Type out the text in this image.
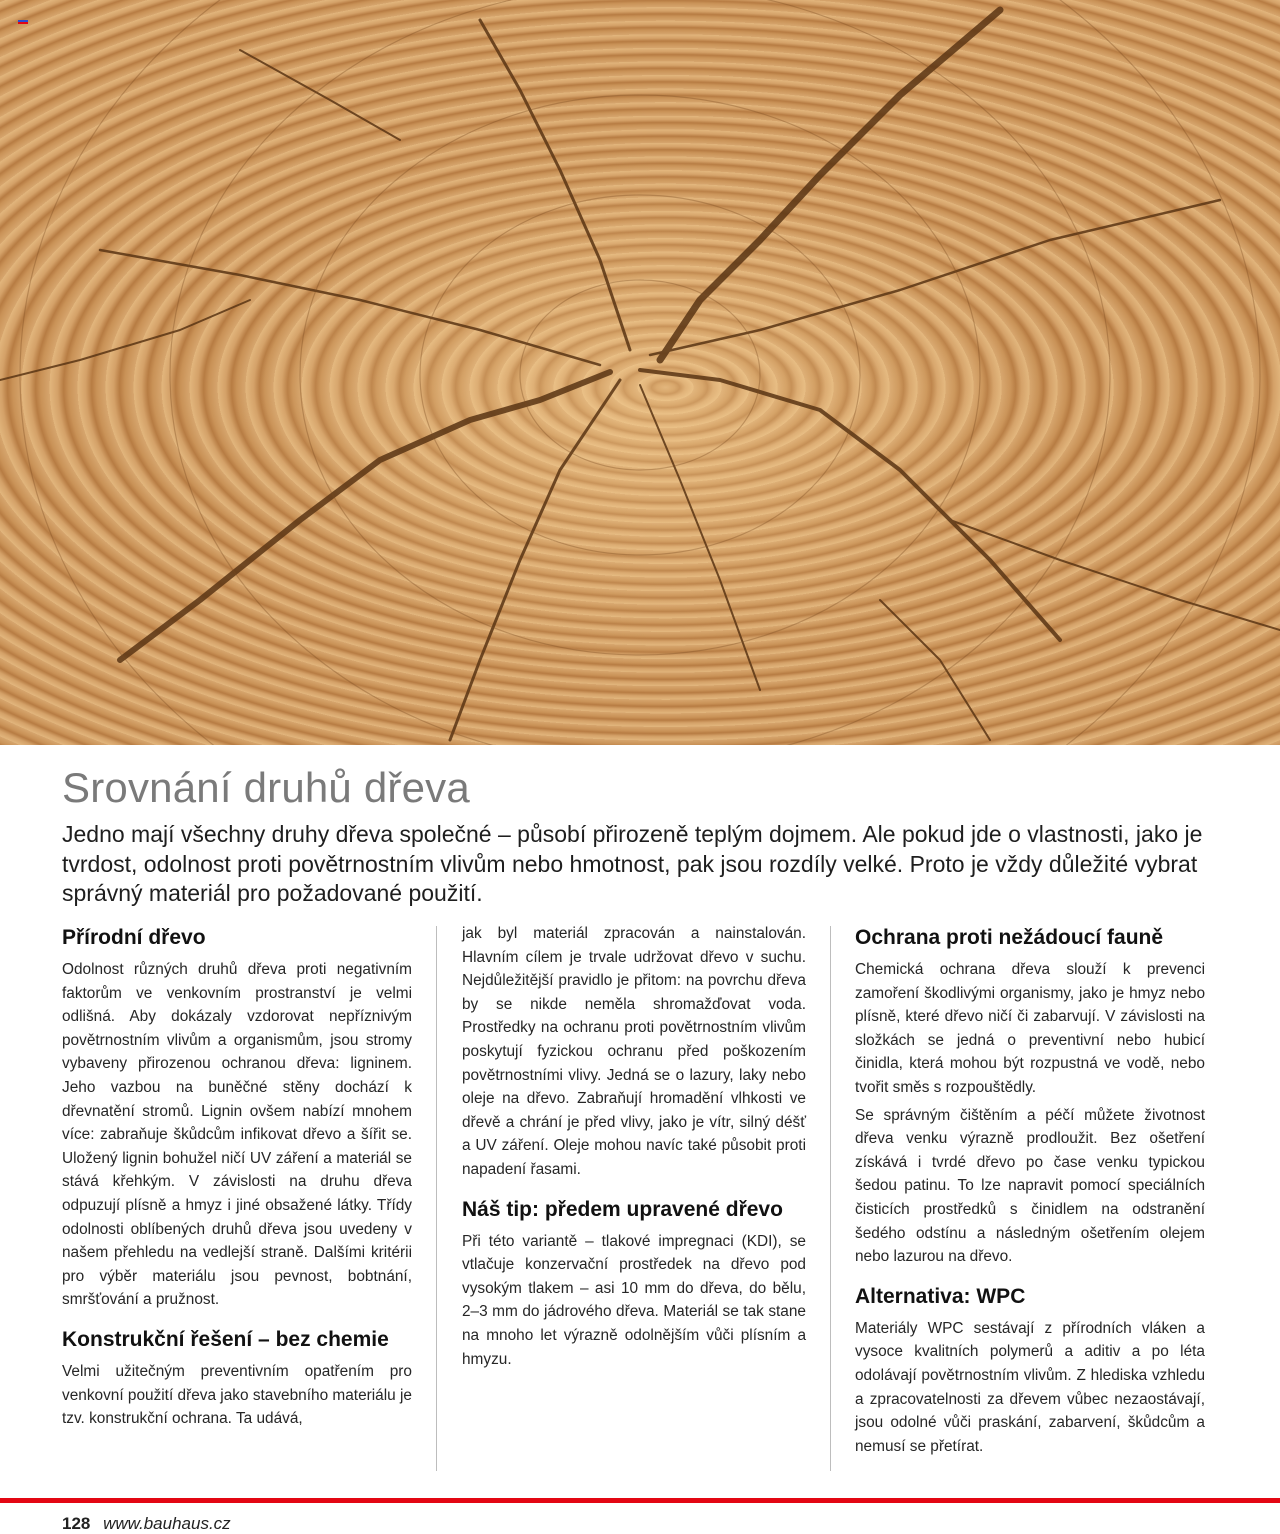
Srovnání druhů dřeva

Jedno mají všechny druhy dřeva společné – působí přirozeně teplým dojmem. Ale pokud jde o vlastnosti, jako je tvrdost, odolnost proti povětrnostním vlivům nebo hmotnost, pak jsou rozdíly velké. Proto je vždy důležité vybrat správný materiál pro požadované použití.

Přírodní dřevo

Odolnost různých druhů dřeva proti negativním faktorům ve venkovním prostranství je velmi odlišná. Aby dokázaly vzdorovat nepříznivým povětrnostním vlivům a organismům, jsou stromy vybaveny přirozenou ochranou dřeva: ligninem. Jeho vazbou na buněčné stěny dochází k dřevnatění stromů. Lignin ovšem nabízí mnohem více: zabraňuje škůdcům infikovat dřevo a šířit se. Uložený lignin bohužel ničí UV záření a materiál se stává křehkým. V závislosti na druhu dřeva odpuzují plísně a hmyz i jiné obsažené látky. Třídy odolnosti oblíbených druhů dřeva jsou uvedeny v našem přehledu na vedlejší straně. Dalšími kritérii pro výběr materiálu jsou pevnost, bobtnání, smršťování a pružnost.

Konstrukční řešení – bez chemie

Velmi užitečným preventivním opatřením pro venkovní použití dřeva jako stavebního materiálu je tzv. konstrukční ochrana. Ta udává,

jak byl materiál zpracován a nainstalován. Hlavním cílem je trvale udržovat dřevo v suchu. Nejdůležitější pravidlo je přitom: na povrchu dřeva by se nikde neměla shromažďovat voda. Prostředky na ochranu proti povětrnostním vlivům poskytují fyzickou ochranu před poškozením povětrnostními vlivy. Jedná se o lazury, laky nebo oleje na dřevo. Zabraňují hromadění vlhkosti ve dřevě a chrání je před vlivy, jako je vítr, silný déšť a UV záření. Oleje mohou navíc také působit proti napadení řasami.

Náš tip: předem upravené dřevo

Při této variantě – tlakové impregnaci (KDI), se vtlačuje konzervační prostředek na dřevo pod vysokým tlakem – asi 10 mm do dřeva, do bělu, 2–3 mm do jádrového dřeva. Materiál se tak stane na mnoho let výrazně odolnějším vůči plísním a hmyzu.

Ochrana proti nežádoucí fauně

Chemická ochrana dřeva slouží k prevenci zamoření škodlivými organismy, jako je hmyz nebo plísně, které dřevo ničí či zabarvují. V závislosti na složkách se jedná o preventivní nebo hubicí činidla, která mohou být rozpustná ve vodě, nebo tvořit směs s rozpouštědly.

Se správným čištěním a péčí můžete životnost dřeva venku výrazně prodloužit. Bez ošetření získává i tvrdé dřevo po čase venku typickou šedou patinu. To lze napravit pomocí speciálních čisticích prostředků s činidlem na odstranění šedého odstínu a následným ošetřením olejem nebo lazurou na dřevo.

Alternativa: WPC

Materiály WPC sestávají z přírodních vláken a vysoce kvalitních polymerů a aditiv a po léta odolávají povětrnostním vlivům. Z hlediska vzhledu a zpracovatelnosti za dřevem vůbec nezaostávají, jsou odolné vůči praskání, zabarvení, škůdcům a nemusí se přetírat.

128 www.bauhaus.cz
